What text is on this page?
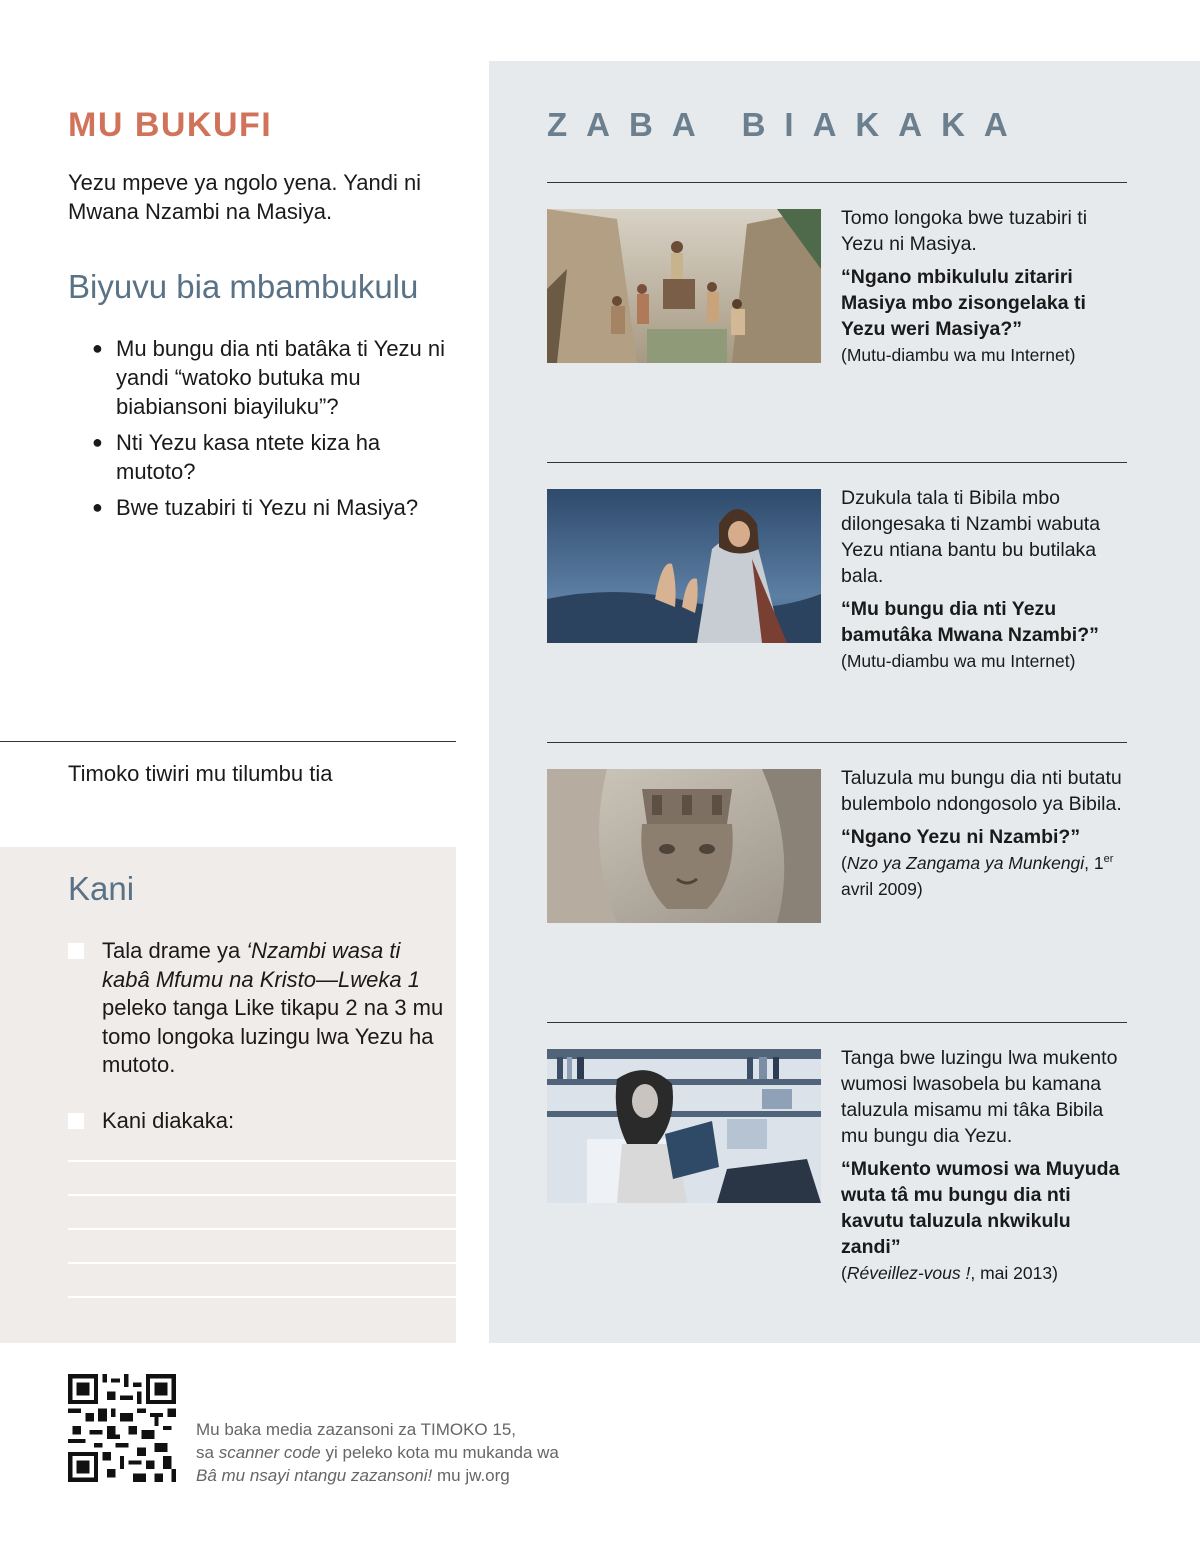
MU BUKUFI

Yezu mpeve ya ngolo yena. Yandi ni Mwana Nzambi na Masiya.

Biyuvu bia mbambukulu
● Mu bungu dia nti batâka ti Yezu ni yandi “watoko butuka mu biabiansoni biayiluku”?
● Nti Yezu kasa ntete kiza ha mutoto?
● Bwe tuzabiri ti Yezu ni Masiya?
Timoko tiwiri mu tilumbu tia
Kani
Tala drame ya ‘Nzambi wasa ti kabâ Mfumu na Kristo—Lweka 1 peleko tanga Like tikapu 2 na 3 mu tomo longoka luzingu lwa Yezu ha mutoto.
Kani diakaka:
ZABA BIAKAKA

Tomo longoka bwe tuzabiri ti Yezu ni Masiya.

“Ngano mbikululu zitariri Masiya mbo zisongelaka ti Yezu weri Masiya?”

(Mutu-diambu wa mu Internet)

Dzukula tala ti Bibila mbo dilongesaka ti Nzambi wabuta Yezu ntiana bantu bu butilaka bala.

“Mu bungu dia nti Yezu bamutâka Mwana Nzambi?”

(Mutu-diambu wa mu Internet)

Taluzula mu bungu dia nti butatu bulembolo ndongosolo ya Bibila.

“Ngano Yezu ni Nzambi?”

(Nzo ya Zangama ya Munkengi, 1er avril 2009)

Tanga bwe luzingu lwa mukento wumosi lwasobela bu kamana taluzula misamu mi tâka Bibila mu bungu dia Yezu.

“Mukento wumosi wa Muyuda wuta tâ mu bungu dia nti kavutu taluzula nkwikulu zandi”

(Réveillez-vous !, mai 2013)

Mu baka media zazansoni za TIMOKO 15,
sa scanner code yi peleko kota mu mukanda wa
Bâ mu nsayi ntangu zazansoni! mu jw.org
